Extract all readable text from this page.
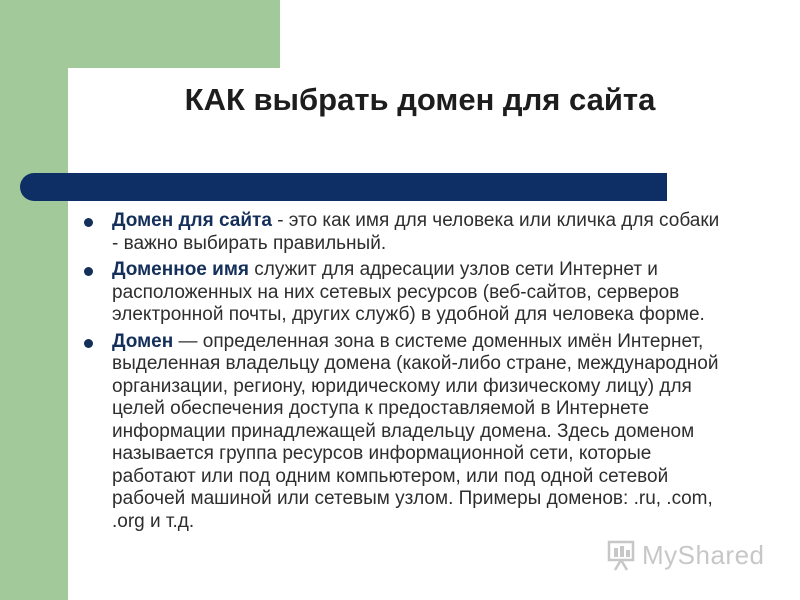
КАК выбрать домен для сайта
Домен для сайта - это как имя для человека или кличка для собаки - важно выбирать правильный.
Доменное имя служит для адресации узлов сети Интернет и расположенных на них сетевых ресурсов (веб-сайтов, серверов электронной почты, других служб) в удобной для человека форме.
Домен — определенная зона в системе доменных имён Интернет, выделенная владельцу домена (какой-либо стране, международной организации, региону, юридическому или физическому лицу) для целей обеспечения доступа к предоставляемой в Интернете информации принадлежащей владельцу домена. Здесь доменом называется группа ресурсов информационной сети, которые работают или под одним компьютером, или под одной сетевой рабочей машиной или сетевым узлом. Примеры доменов: .ru, .com, .org и т.д.
MyShared
